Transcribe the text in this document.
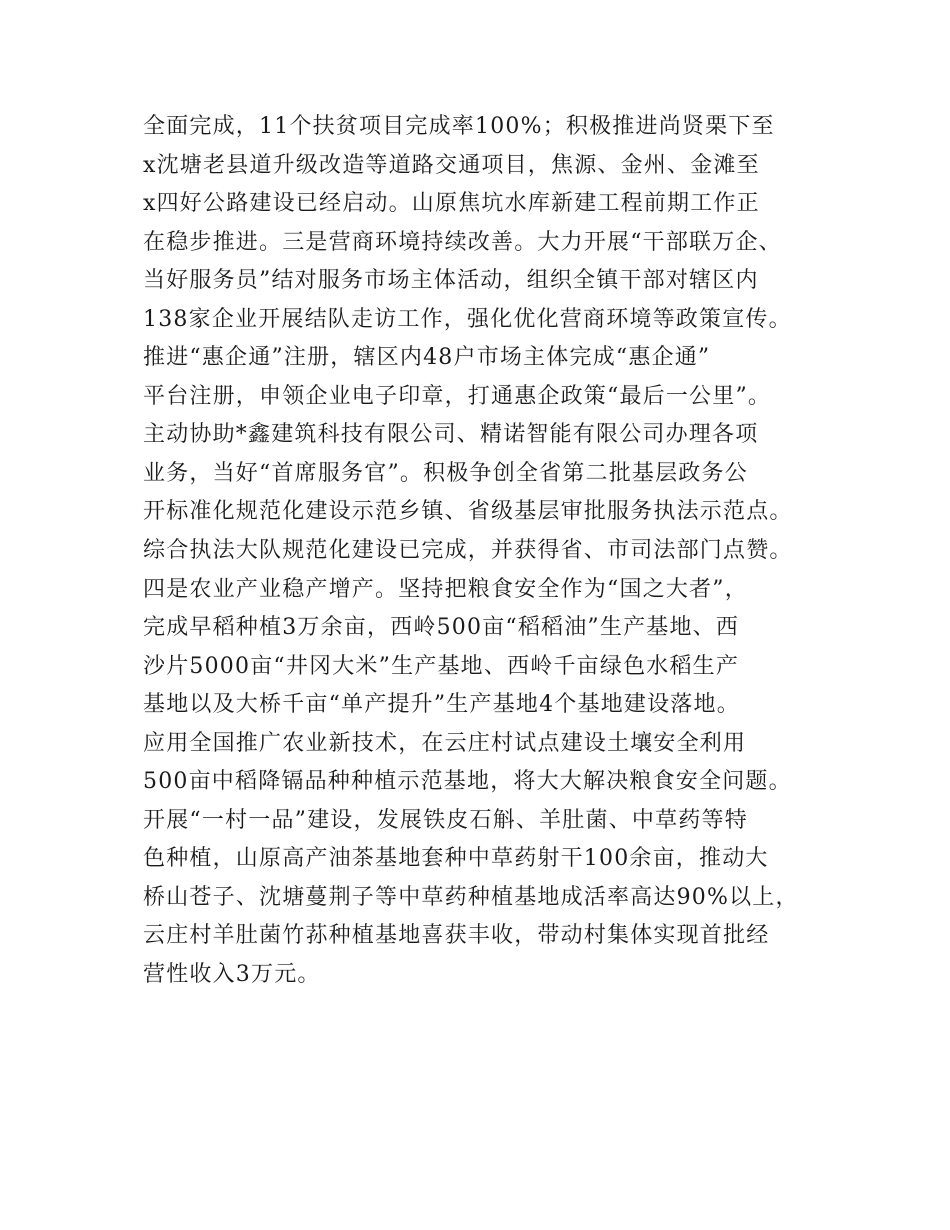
全面完成，11个扶贫项目完成率100%；积极推进尚贤栗下至
x沈塘老县道升级改造等道路交通项目，焦源、金州、金滩至
x四好公路建设已经启动。山原焦坑水库新建工程前期工作正
在稳步推进。三是营商环境持续改善。大力开展“干部联万企、
当好服务员”结对服务市场主体活动，组织全镇干部对辖区内
138家企业开展结队走访工作，强化优化营商环境等政策宣传。
推进“惠企通”注册，辖区内48户市场主体完成“惠企通”
平台注册，申领企业电子印章，打通惠企政策“最后一公里”。
主动协助*鑫建筑科技有限公司、精诺智能有限公司办理各项
业务，当好“首席服务官”。积极争创全省第二批基层政务公
开标准化规范化建设示范乡镇、省级基层审批服务执法示范点。
综合执法大队规范化建设已完成，并获得省、市司法部门点赞。
四是农业产业稳产增产。坚持把粮食安全作为“国之大者”，
完成早稻种植3万余亩，西岭500亩“稻稻油”生产基地、西
沙片5000亩“井冈大米”生产基地、西岭千亩绿色水稻生产
基地以及大桥千亩“单产提升”生产基地4个基地建设落地。
应用全国推广农业新技术，在云庄村试点建设土壤安全利用
500亩中稻降镉品种种植示范基地，将大大解决粮食安全问题。
开展“一村一品”建设，发展铁皮石斛、羊肚菌、中草药等特
色种植，山原高产油茶基地套种中草药射干100余亩，推动大
桥山苍子、沈塘蔓荆子等中草药种植基地成活率高达90%以上，
云庄村羊肚菌竹荪种植基地喜获丰收，带动村集体实现首批经
营性收入3万元。
